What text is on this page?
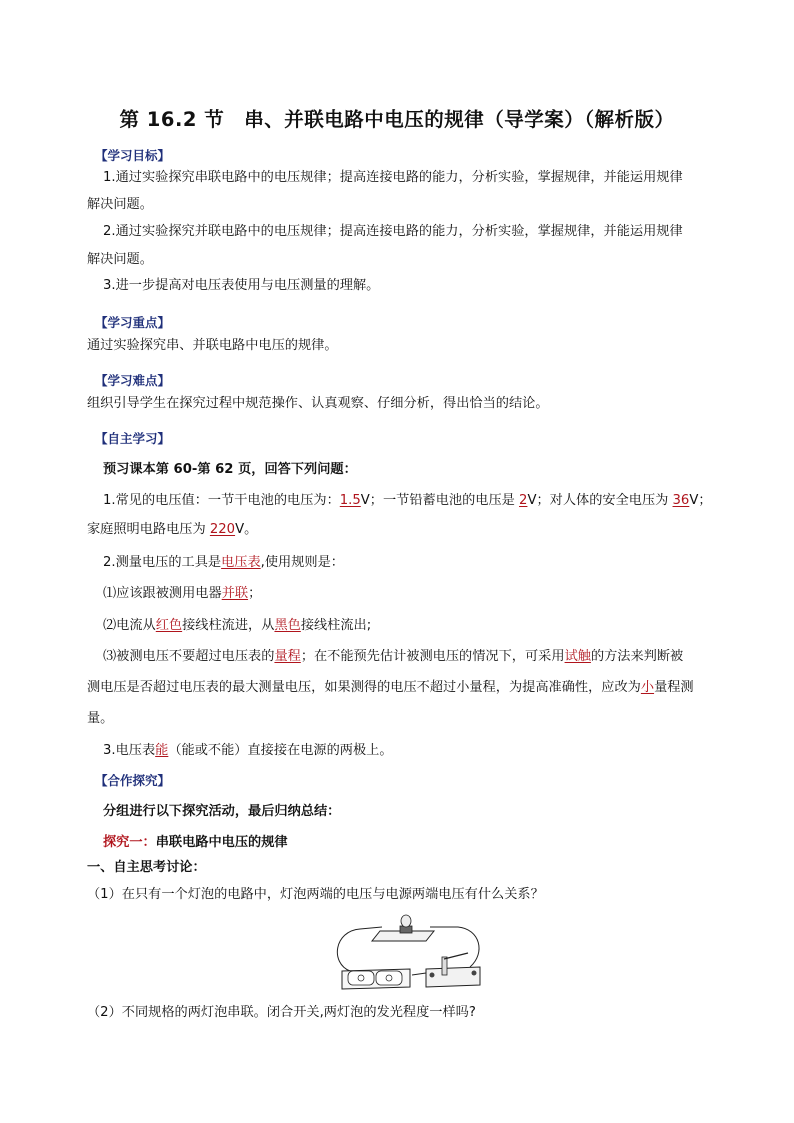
第 16.2 节　串、并联电路中电压的规律（导学案）（解析版）
【学习目标】
1.通过实验探究串联电路中的电压规律；提高连接电路的能力，分析实验，掌握规律，并能运用规律
解决问题。
2.通过实验探究并联电路中的电压规律；提高连接电路的能力，分析实验，掌握规律，并能运用规律
解决问题。
3.进一步提高对电压表使用与电压测量的理解。
【学习重点】
通过实验探究串、并联电路中电压的规律。
【学习难点】
组织引导学生在探究过程中规范操作、认真观察、仔细分析，得出恰当的结论。
【自主学习】
预习课本第 60-第 62 页，回答下列问题：
1.常见的电压值：一节干电池的电压为：1.5V；一节铅蓄电池的电压是 2V；对人体的安全电压为 36V；
家庭照明电路电压为 220V。
2.测量电压的工具是电压表,使用规则是：
⑴应该跟被测用电器并联；
⑵电流从红色接线柱流进，从黑色接线柱流出;
⑶被测电压不要超过电压表的量程；在不能预先估计被测电压的情况下，可采用试触的方法来判断被
测电压是否超过电压表的最大测量电压，如果测得的电压不超过小量程，为提高准确性，应改为小量程测
量。
3.电压表能（能或不能）直接接在电源的两极上。
【合作探究】
分组进行以下探究活动，最后归纳总结：
探究一：串联电路中电压的规律
一、自主思考讨论：
（1）在只有一个灯泡的电路中，灯泡两端的电压与电源两端电压有什么关系？
（2）不同规格的两灯泡串联。闭合开关,两灯泡的发光程度一样吗?
